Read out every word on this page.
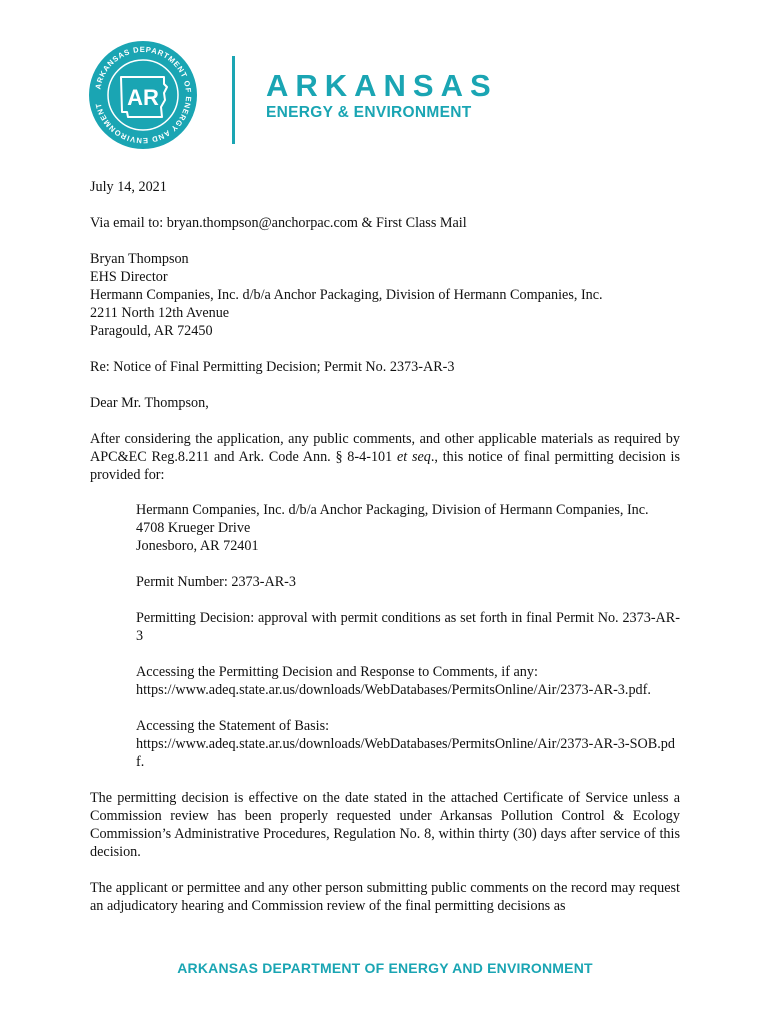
ARKANSAS DEPARTMENT OF ENERGY AND ENVIRONMENT	AR	ARKANSAS
ENERGY & ENVIRONMENT

July 14, 2021

Via email to: bryan.thompson@anchorpac.com & First Class Mail

Bryan Thompson

EHS Director

Hermann Companies, Inc. d/b/a Anchor Packaging, Division of Hermann Companies, Inc.

2211 North 12th Avenue

Paragould, AR 72450

Re: Notice of Final Permitting Decision; Permit No. 2373-AR-3

Dear Mr. Thompson,

After considering the application, any public comments, and other applicable materials as required by APC&EC Reg.8.211 and Ark. Code Ann. § 8-4-101 et seq., this notice of final permitting decision is provided for:

Hermann Companies, Inc. d/b/a Anchor Packaging, Division of Hermann Companies, Inc.

4708 Krueger Drive

Jonesboro, AR 72401

Permit Number: 2373-AR-3

Permitting Decision: approval with permit conditions as set forth in final Permit No. 2373-AR-3

Accessing the Permitting Decision and Response to Comments, if any:

https://www.adeq.state.ar.us/downloads/WebDatabases/PermitsOnline/Air/2373-AR-3.pdf.

Accessing the Statement of Basis:

https://www.adeq.state.ar.us/downloads/WebDatabases/PermitsOnline/Air/2373-AR-3-SOB.pdf.

The permitting decision is effective on the date stated in the attached Certificate of Service unless a Commission review has been properly requested under Arkansas Pollution Control & Ecology Commission’s Administrative Procedures, Regulation No. 8, within thirty (30) days after service of this decision.

The applicant or permittee and any other person submitting public comments on the record may request an adjudicatory hearing and Commission review of the final permitting decisions as

ARKANSAS DEPARTMENT OF ENERGY AND ENVIRONMENT
